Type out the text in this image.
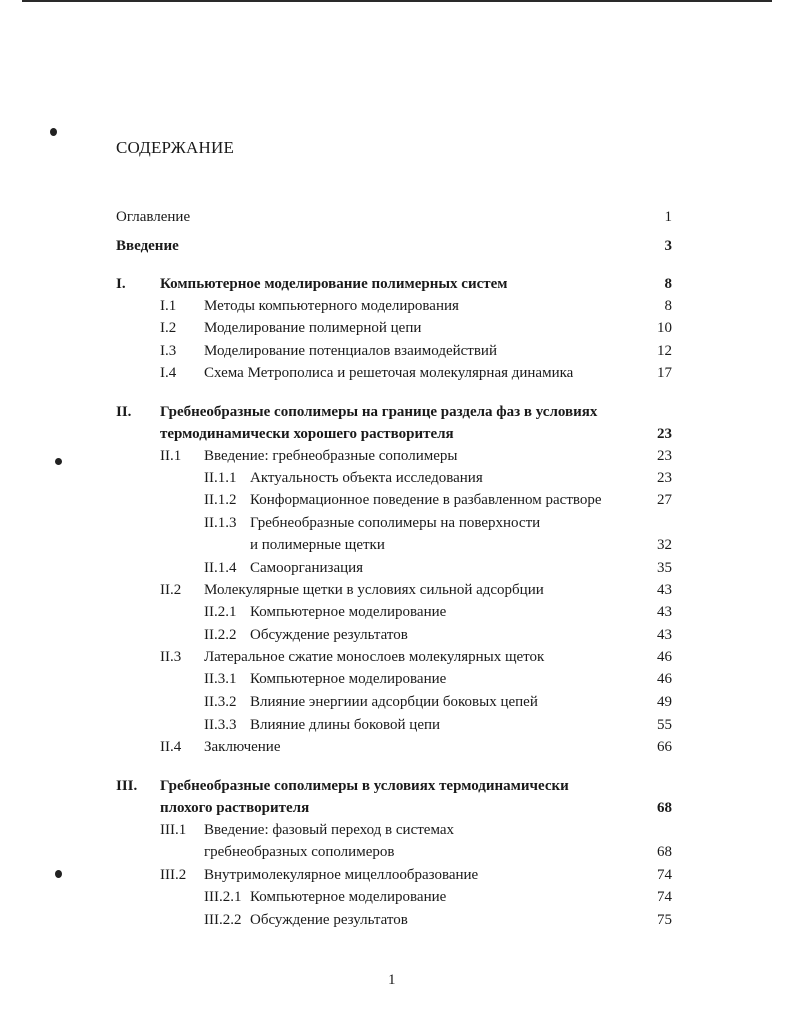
СОДЕРЖАНИЕ
Оглавление	1
Введение	3
I. Компьютерное моделирование полимерных систем	8
I.1 Методы компьютерного моделирования	8
I.2 Моделирование полимерной цепи	10
I.3 Моделирование потенциалов взаимодействий	12
I.4 Схема Метрополиса и решеточая молекулярная динамика	17
II. Гребнеобразные сополимеры на границе раздела фаз в условиях
термодинамически хорошего растворителя	23
II.1 Введение: гребнеобразные сополимеры	23
II.1.1 Актуальность объекта исследования	23
II.1.2 Конформационное поведение в разбавленном растворе	27
II.1.3 Гребнеобразные сополимеры на поверхности
и полимерные щетки	32
II.1.4 Самоорганизация	35
II.2 Молекулярные щетки в условиях сильной адсорбции	43
II.2.1 Компьютерное моделирование	43
II.2.2 Обсуждение результатов	43
II.3 Латеральное сжатие монослоев молекулярных щеток	46
II.3.1 Компьютерное моделирование	46
II.3.2 Влияние энергиии адсорбции боковых цепей	49
II.3.3 Влияние длины боковой цепи	55
II.4 Заключение	66
III. Гребнеобразные сополимеры в условиях термодинамически
плохого растворителя	68
III.1 Введение: фазовый переход в системах
гребнеобразных сополимеров	68
III.2 Внутримолекулярное мицеллообразование	74
III.2.1 Компьютерное моделирование	74
III.2.2 Обсуждение результатов	75
1
